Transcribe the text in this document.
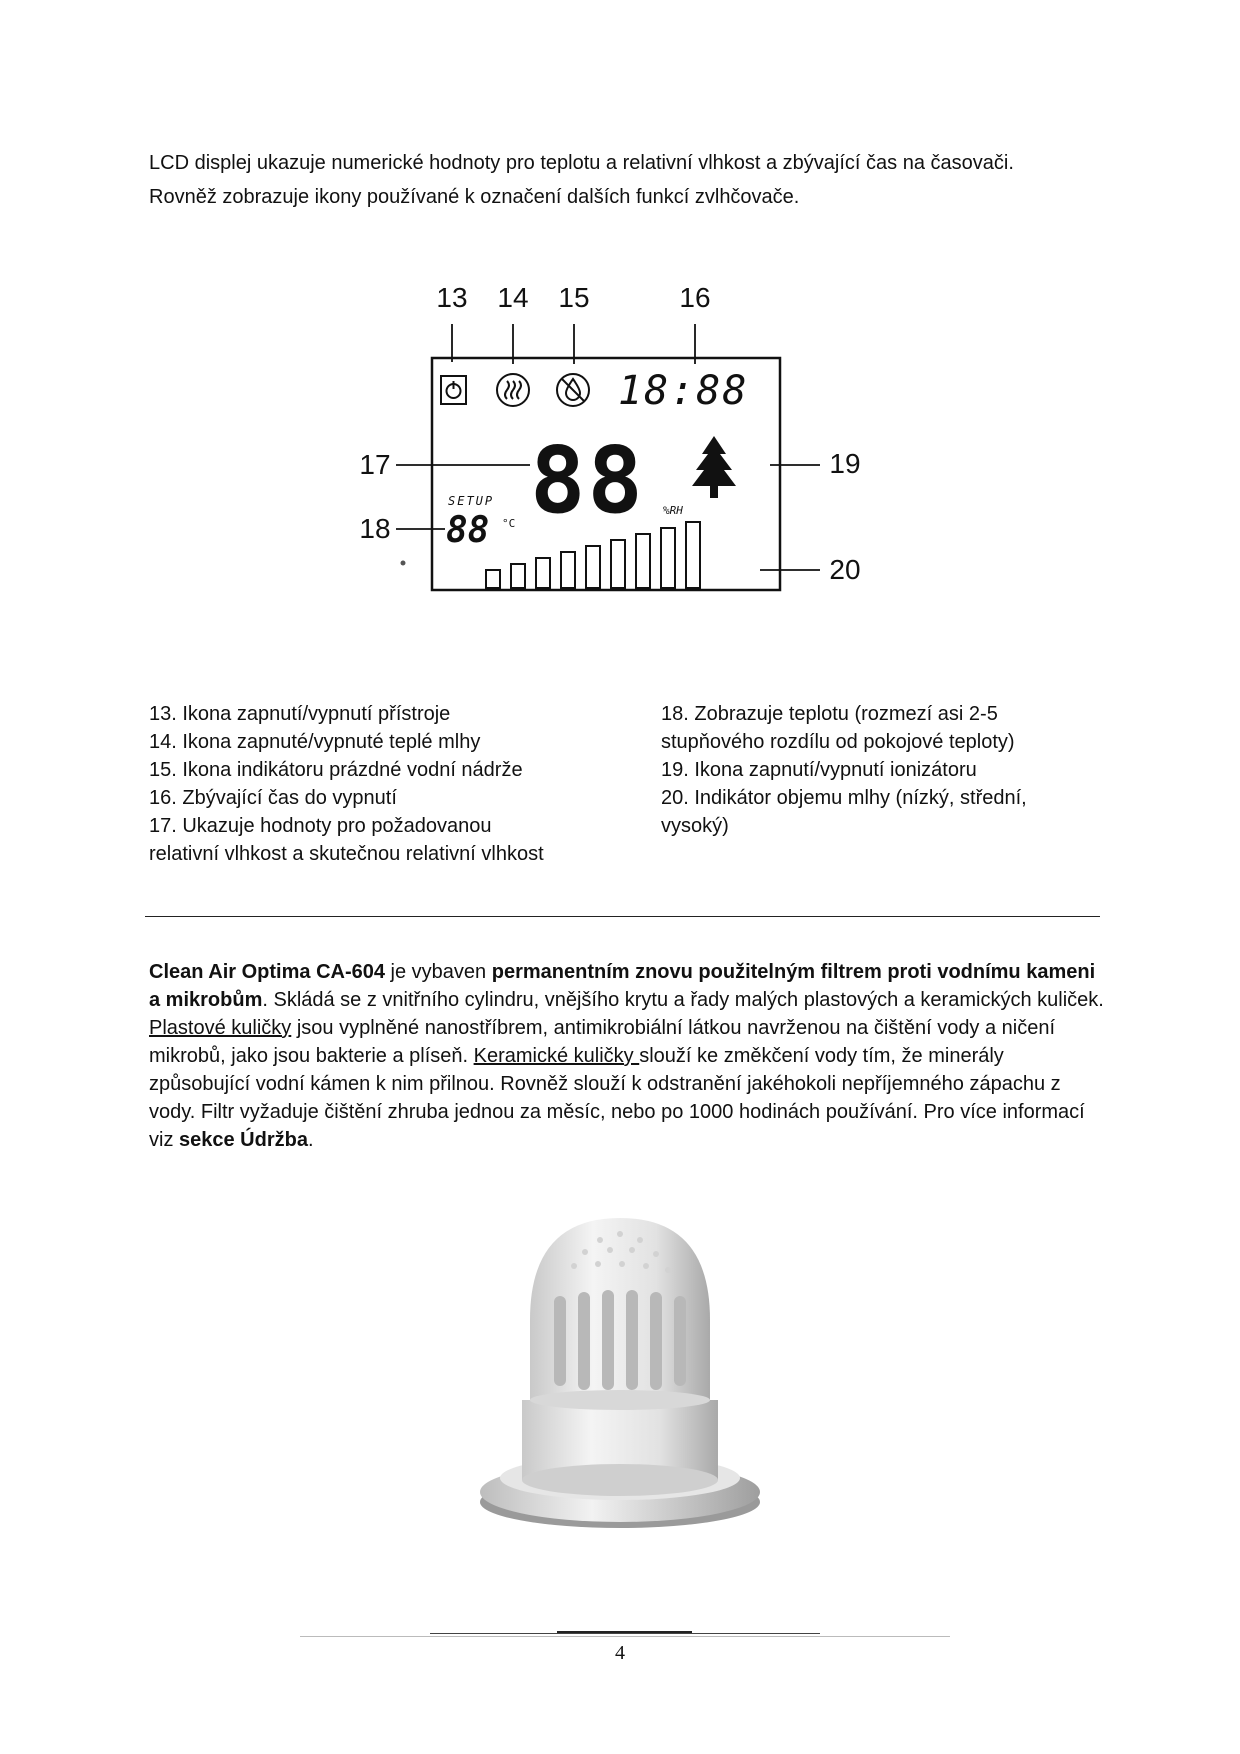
LCD displej ukazuje numerické hodnoty pro teplotu a relativní vlhkost a zbývající čas na časovači.

Rovněž zobrazuje ikony používané k označení dalších funkcí zvlhčovače.

13 14 15	16
17
18
19
20
18:88
88 %RH
SETUP
88 °C
13. Ikona zapnutí/vypnutí přístroje
14. Ikona zapnuté/vypnuté teplé mlhy
15. Ikona indikátoru prázdné vodní nádrže
16. Zbývající čas do vypnutí
17. Ukazuje hodnoty pro požadovanou
relativní vlhkost a skutečnou relativní vlhkost
18. Zobrazuje teplotu (rozmezí asi 2-5
stupňového rozdílu od pokojové teploty)
19. Ikona zapnutí/vypnutí ionizátoru
20. Indikátor objemu mlhy (nízký, střední,
vysoký)
Clean Air Optima CA-604 je vybaven permanentním znovu použitelným filtrem proti vodnímu kameni a mikrobům. Skládá se z vnitřního cylindru, vnějšího krytu a řady malých plastových a keramických kuliček. Plastové kuličky jsou vyplněné nanostříbrem, antimikrobiální látkou navrženou na čištění vody a ničení mikrobů, jako jsou bakterie a plíseň. Keramické kuličky slouží ke změkčení vody tím, že minerály způsobující vodní kámen k nim přilnou. Rovněž slouží k odstranění jakéhokoli nepříjemného zápachu z vody. Filtr vyžaduje čištění zhruba jednou za měsíc, nebo po 1000 hodinách používání. Pro více informací viz sekce Údržba.
4
